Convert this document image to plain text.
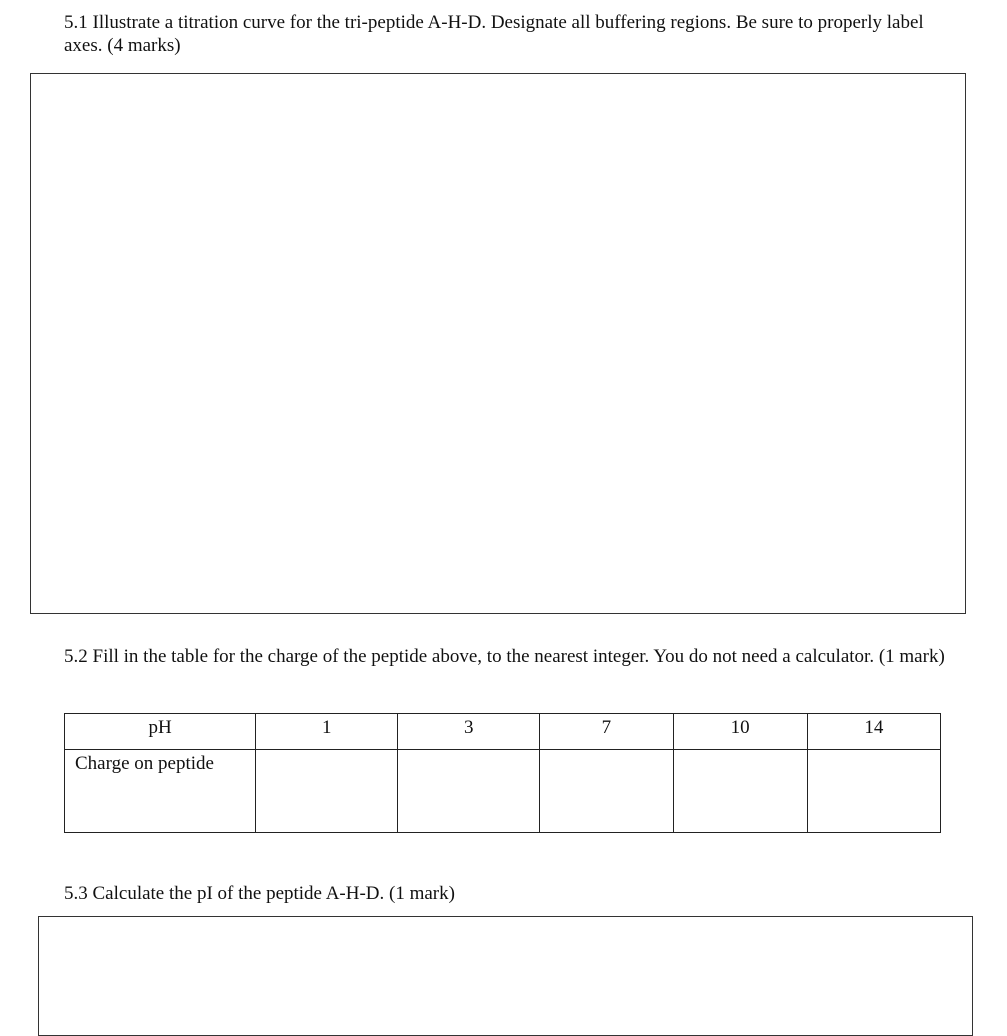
5.1 Illustrate a titration curve for the tri-peptide A-H-D. Designate all buffering regions. Be sure to properly label axes. (4 marks)

5.2 Fill in the table for the charge of the peptide above, to the nearest integer. You do not need a calculator. (1 mark)

pH	1	3	7	10	14
Charge on peptide					

5.3 Calculate the pI of the peptide A-H-D. (1 mark)
